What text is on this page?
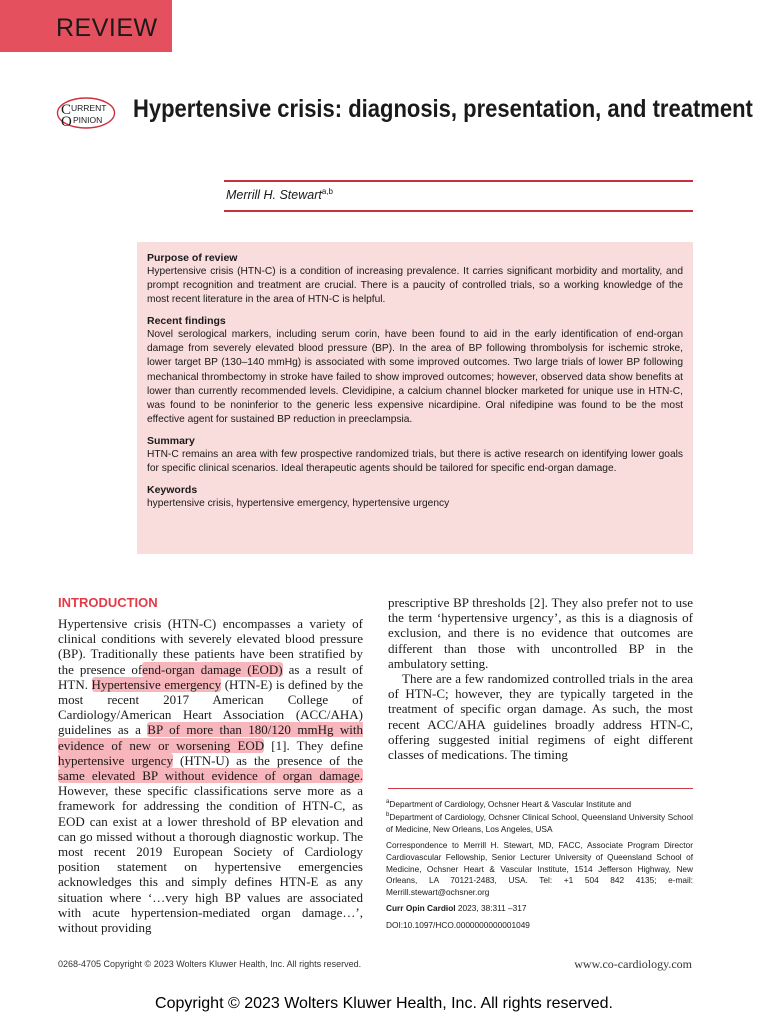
REVIEW
C URRENT
O PINION Hypertensive crisis: diagnosis, presentation, and treatment
Merrill H. Stewart$^{a,b}$
Purpose of review
Hypertensive crisis (HTN-C) is a condition of increasing prevalence. It carries significant morbidity and mortality, and prompt recognition and treatment are crucial. There is a paucity of controlled trials, so a working knowledge of the most recent literature in the area of HTN-C is helpful.
Recent findings
Novel serological markers, including serum corin, have been found to aid in the early identification of end-organ damage from severely elevated blood pressure (BP). In the area of BP following thrombolysis for ischemic stroke, lower target BP (130–140 mmHg) is associated with some improved outcomes. Two large trials of lower BP following mechanical thrombectomy in stroke have failed to show improved outcomes; however, observed data show benefits at lower than currently recommended levels. Clevidipine, a calcium channel blocker marketed for unique use in HTN-C, was found to be noninferior to the generic less expensive nicardipine. Oral nifedipine was found to be the most effective agent for sustained BP reduction in preeclampsia.
Summary
HTN-C remains an area with few prospective randomized trials, but there is active research on identifying lower goals for specific clinical scenarios. Ideal therapeutic agents should be tailored for specific end-organ damage.
Keywords
hypertensive crisis, hypertensive emergency, hypertensive urgency
INTRODUCTION

Hypertensive crisis (HTN-C) encompasses a variety of clinical conditions with severely elevated blood pressure (BP). Traditionally these patients have been stratified by the presence ofend-organ damage (EOD) as a result of HTN. Hypertensive emergency (HTN-E) is defined by the most recent 2017 American College of Cardiology/American Heart Association (ACC/AHA) guidelines as a BP of more than 180/120 mmHg with evidence of new or worsening EOD [1]. They define hypertensive urgency (HTN-U) as the presence of the same elevated BP without evidence of organ damage. However, these specific classifications serve more as a framework for addressing the condition of HTN-C, as EOD can exist at a lower threshold of BP elevation and can go missed without a thorough diagnostic workup. The most recent 2019 European Society of Cardiology position statement on hypertensive emergencies acknowledges this and simply defines HTN-E as any situation where ‘…very high BP values are associated with acute hypertension-mediated organ damage…’, without providing

prescriptive BP thresholds [2]. They also prefer not to use the term ‘hypertensive urgency’, as this is a diagnosis of exclusion, and there is no evidence that outcomes are different than those with uncontrolled BP in the ambulatory setting.

There are a few randomized controlled trials in the area of HTN-C; however, they are typically targeted in the treatment of specific organ damage. As such, the most recent ACC/AHA guidelines broadly address HTN-C, offering suggested initial regimens of eight different classes of medications. The timing

$^a$Department of Cardiology, Ochsner Heart & Vascular Institute and
$^b$Department of Cardiology, Ochsner Clinical School, Queensland University School of Medicine, New Orleans, Los Angeles, USA

Correspondence to Merrill H. Stewart, MD, FACC, Associate Program Director Cardiovascular Fellowship, Senior Lecturer University of Queensland School of Medicine, Ochsner Heart & Vascular Institute, 1514 Jefferson Highway, New Orleans, LA 70121-2483, USA. Tel: +1 504 842 4135; e-mail: Merrill.stewart@ochsner.org

Curr Opin Cardiol 2023, 38:311 –317

DOI:10.1097/HCO.0000000000001049

0268-4705 Copyright © 2023 Wolters Kluwer Health, Inc. All rights reserved.	www.co-cardiology.com
Copyright © 2023 Wolters Kluwer Health, Inc. All rights reserved.
